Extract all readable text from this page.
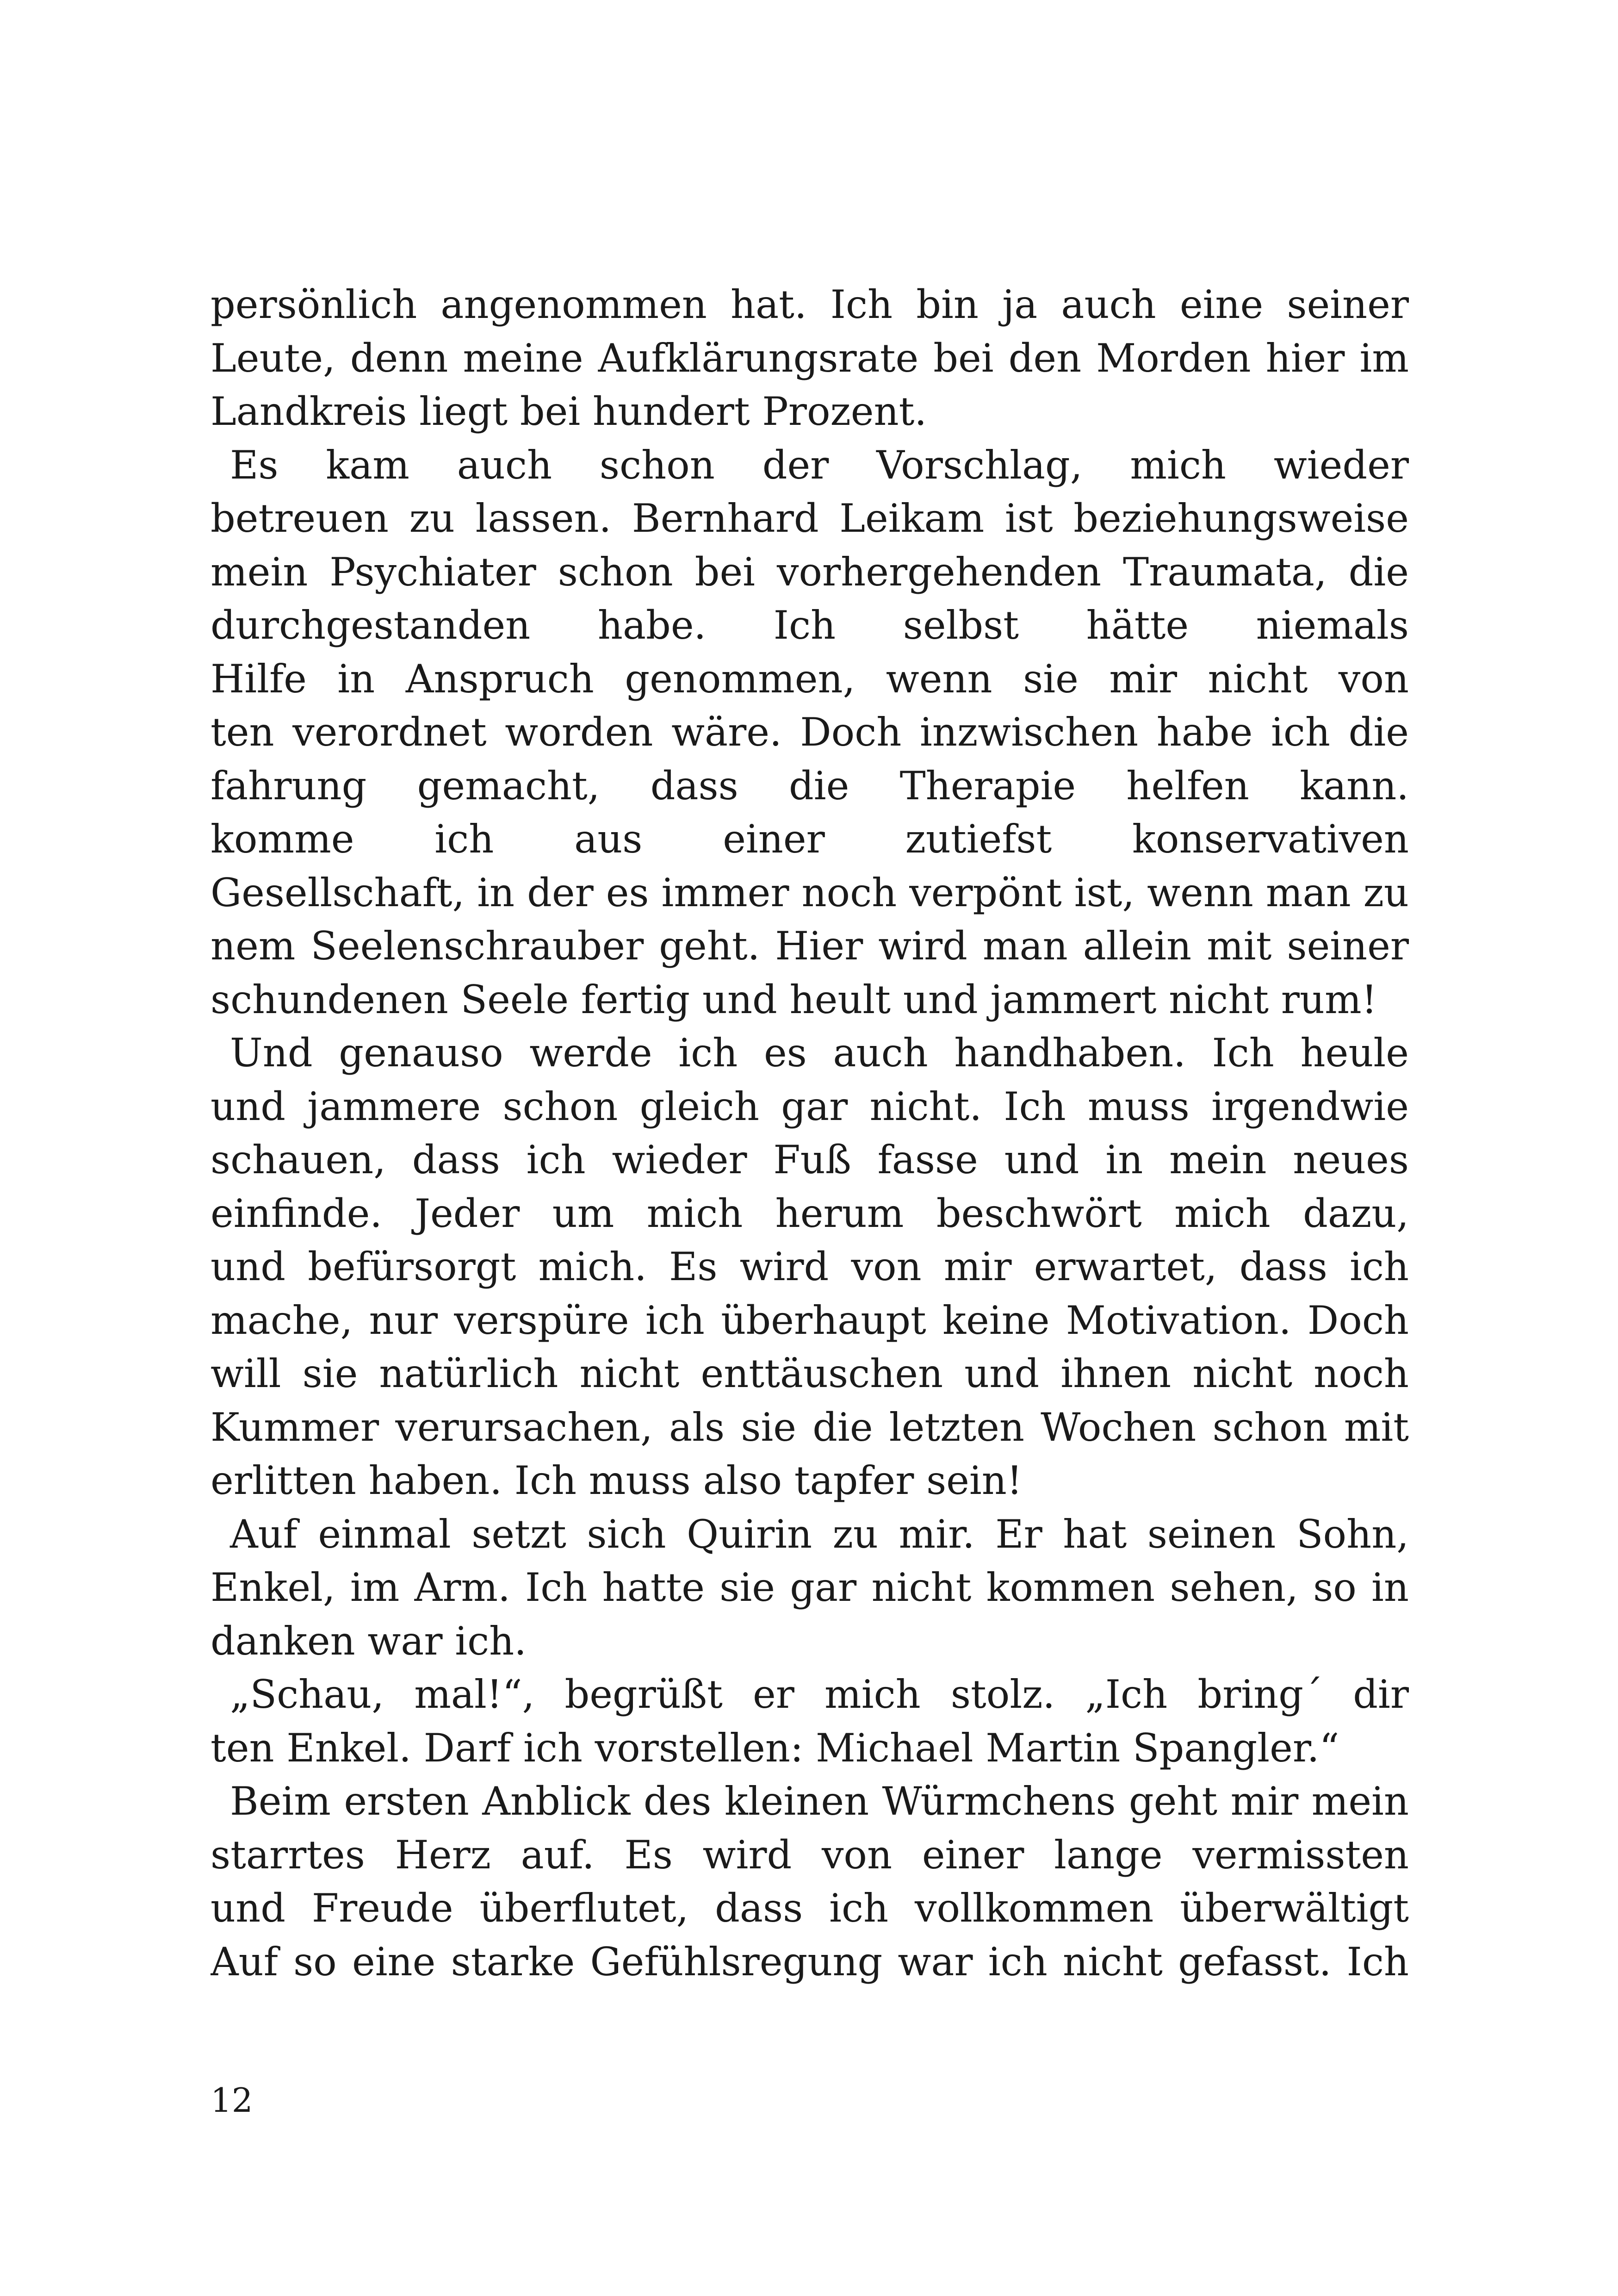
persönlich angenommen hat. Ich bin ja auch eine seiner
Leute, denn meine Aufklärungsrate bei den Morden hier im
Landkreis liegt bei hundert Prozent.
Es kam auch schon der Vorschlag, mich wieder
betreuen zu lassen. Bernhard Leikam ist beziehungsweise
mein Psychiater schon bei vorhergehenden Traumata, die
durchgestanden habe. Ich selbst hätte niemals
Hilfe in Anspruch genommen, wenn sie mir nicht von
ten verordnet worden wäre. Doch inzwischen habe ich die
fahrung gemacht, dass die Therapie helfen kann.
komme ich aus einer zutiefst konservativen
Gesellschaft, in der es immer noch verpönt ist, wenn man zu
nem Seelenschrauber geht. Hier wird man allein mit seiner
schundenen Seele fertig und heult und jammert nicht rum!
Und genauso werde ich es auch handhaben. Ich heule
und jammere schon gleich gar nicht. Ich muss irgendwie
schauen, dass ich wieder Fuß fasse und in mein neues
einfinde. Jeder um mich herum beschwört mich dazu,
und befürsorgt mich. Es wird von mir erwartet, dass ich
mache, nur verspüre ich überhaupt keine Motivation. Doch
will sie natürlich nicht enttäuschen und ihnen nicht noch
Kummer verursachen, als sie die letzten Wochen schon mit
erlitten haben. Ich muss also tapfer sein!
Auf einmal setzt sich Quirin zu mir. Er hat seinen Sohn,
Enkel, im Arm. Ich hatte sie gar nicht kommen sehen, so in
danken war ich.
„Schau, mal!“, begrüßt er mich stolz. „Ich bring´ dir
ten Enkel. Darf ich vorstellen: Michael Martin Spangler.“
Beim ersten Anblick des kleinen Würmchens geht mir mein
starrtes Herz auf. Es wird von einer lange vermissten
und Freude überflutet, dass ich vollkommen überwältigt
Auf so eine starke Gefühlsregung war ich nicht gefasst. Ich
12
